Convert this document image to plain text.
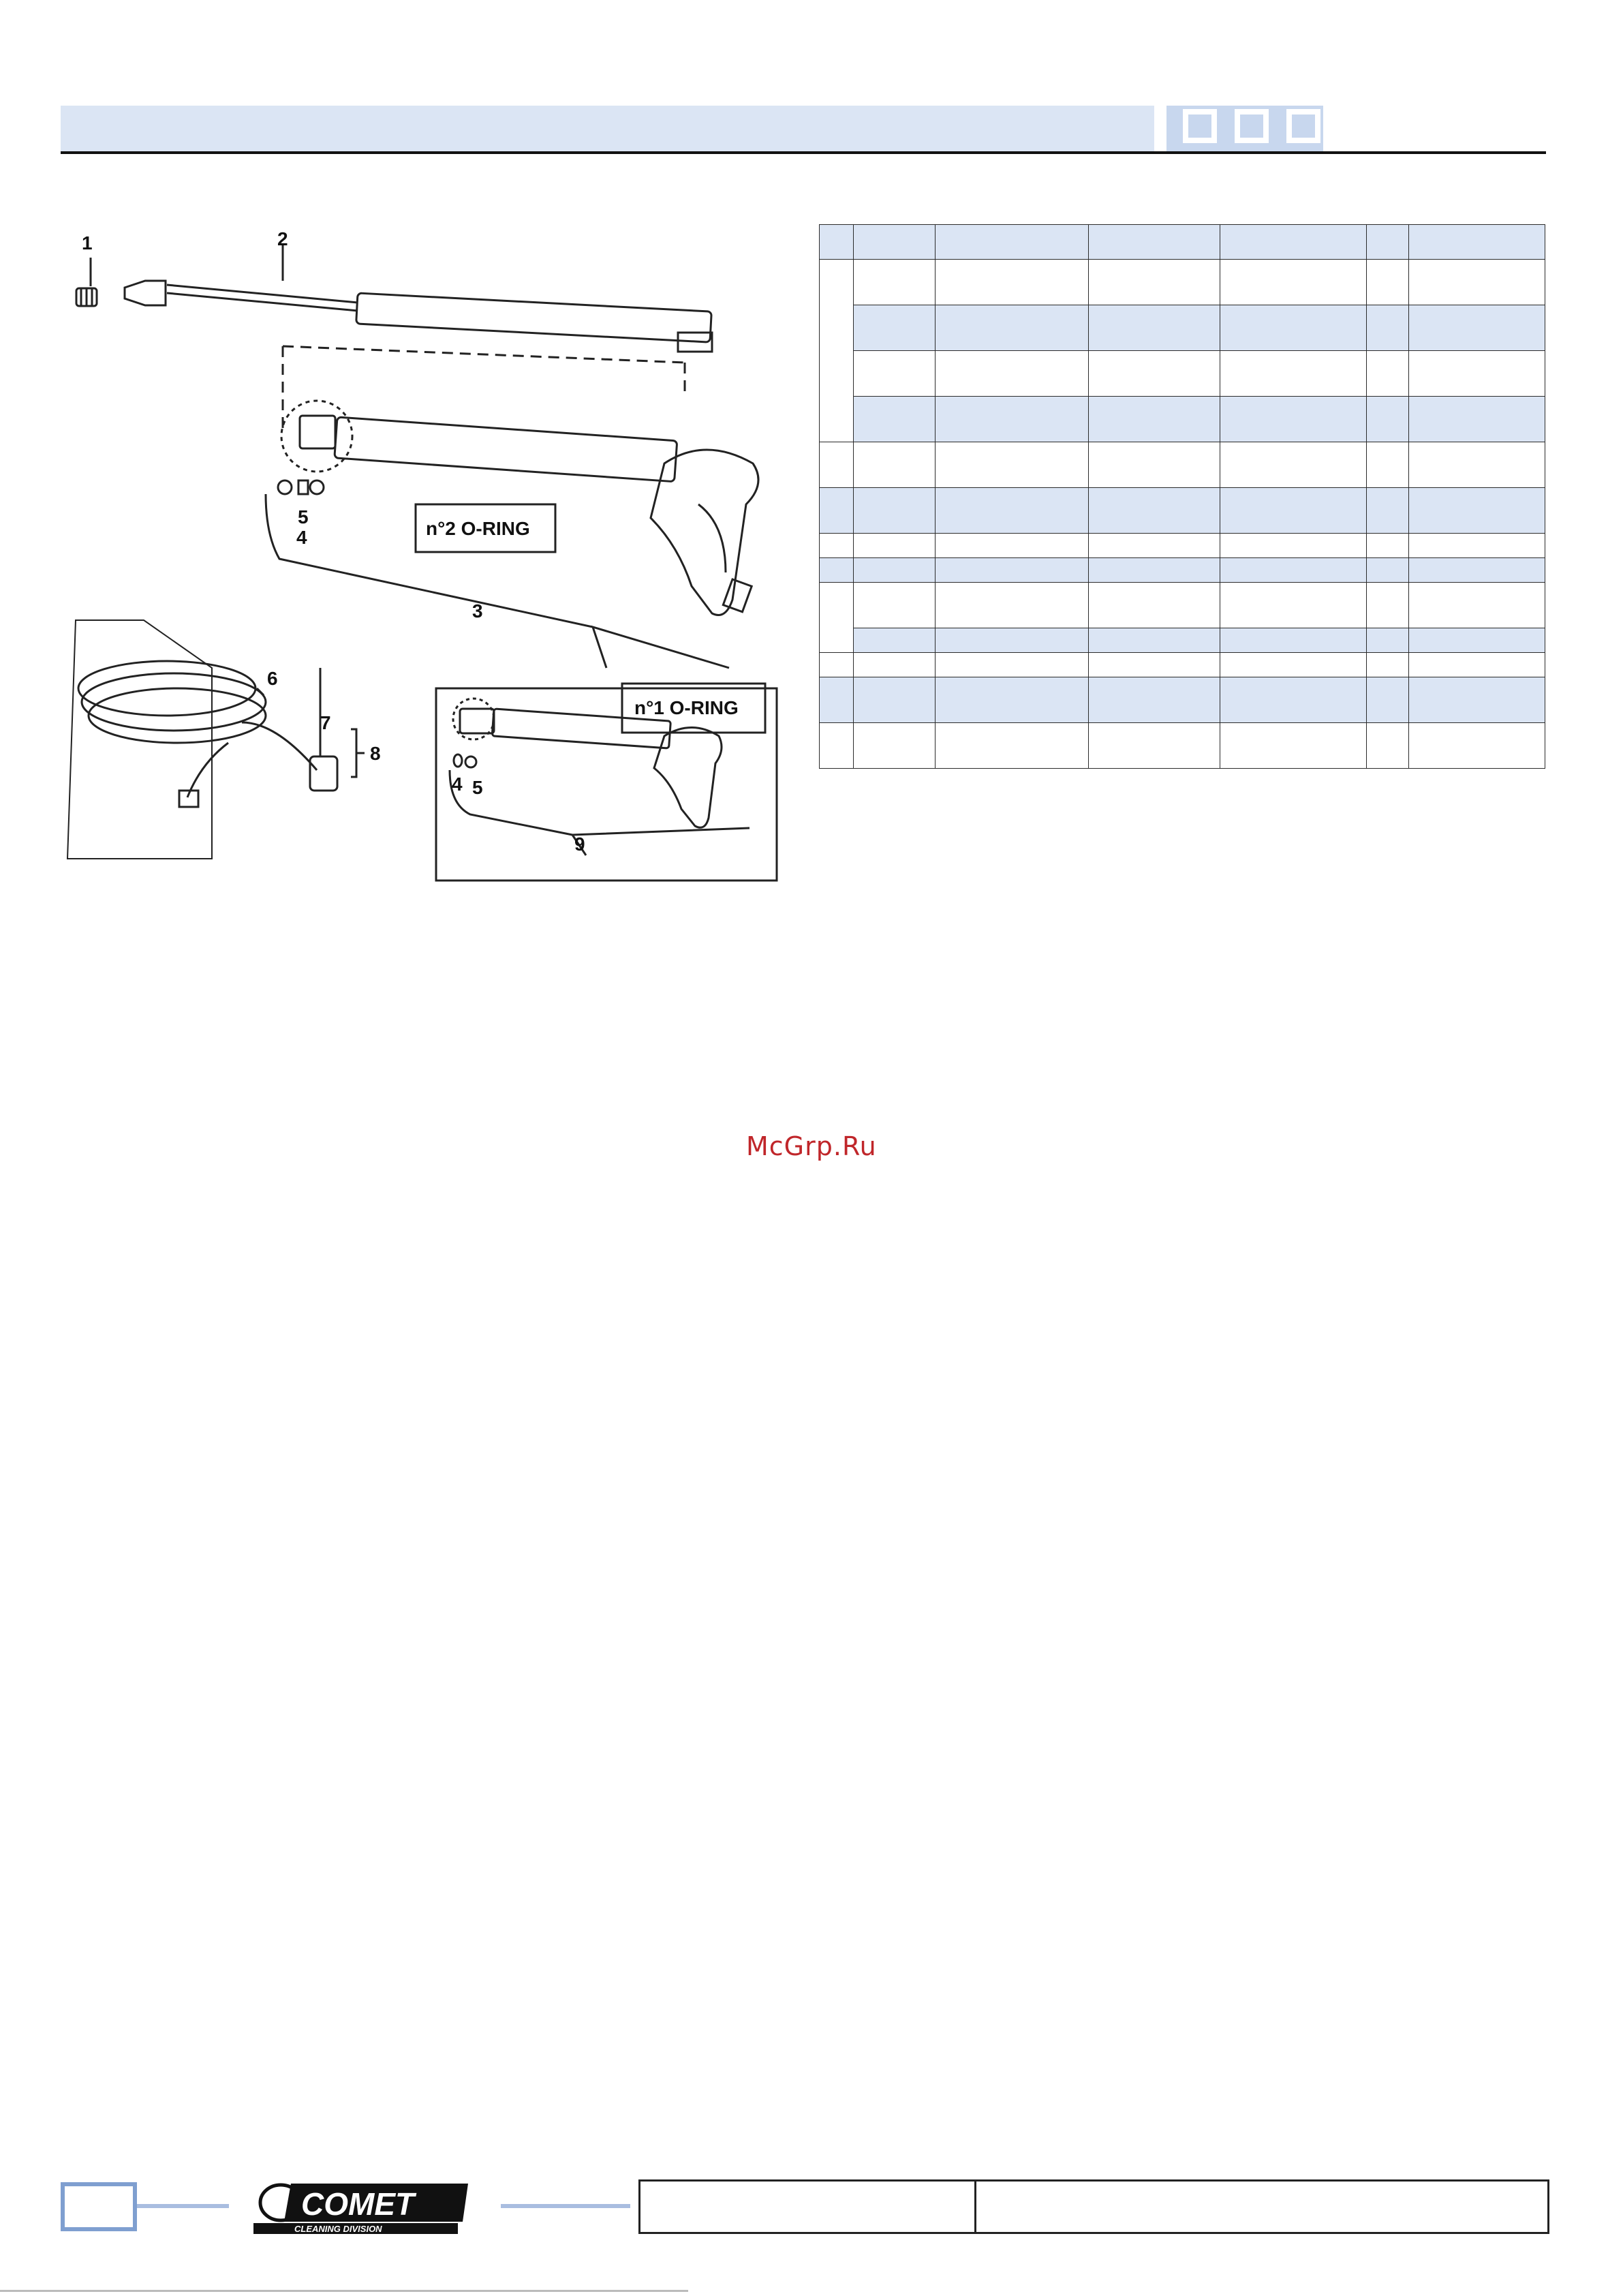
1	2
3
4
5
6
7
8
9
4 5
n°2 O-RING
n°1 O-RING

McGrp.Ru
COMET
CLEANING DIVISION
